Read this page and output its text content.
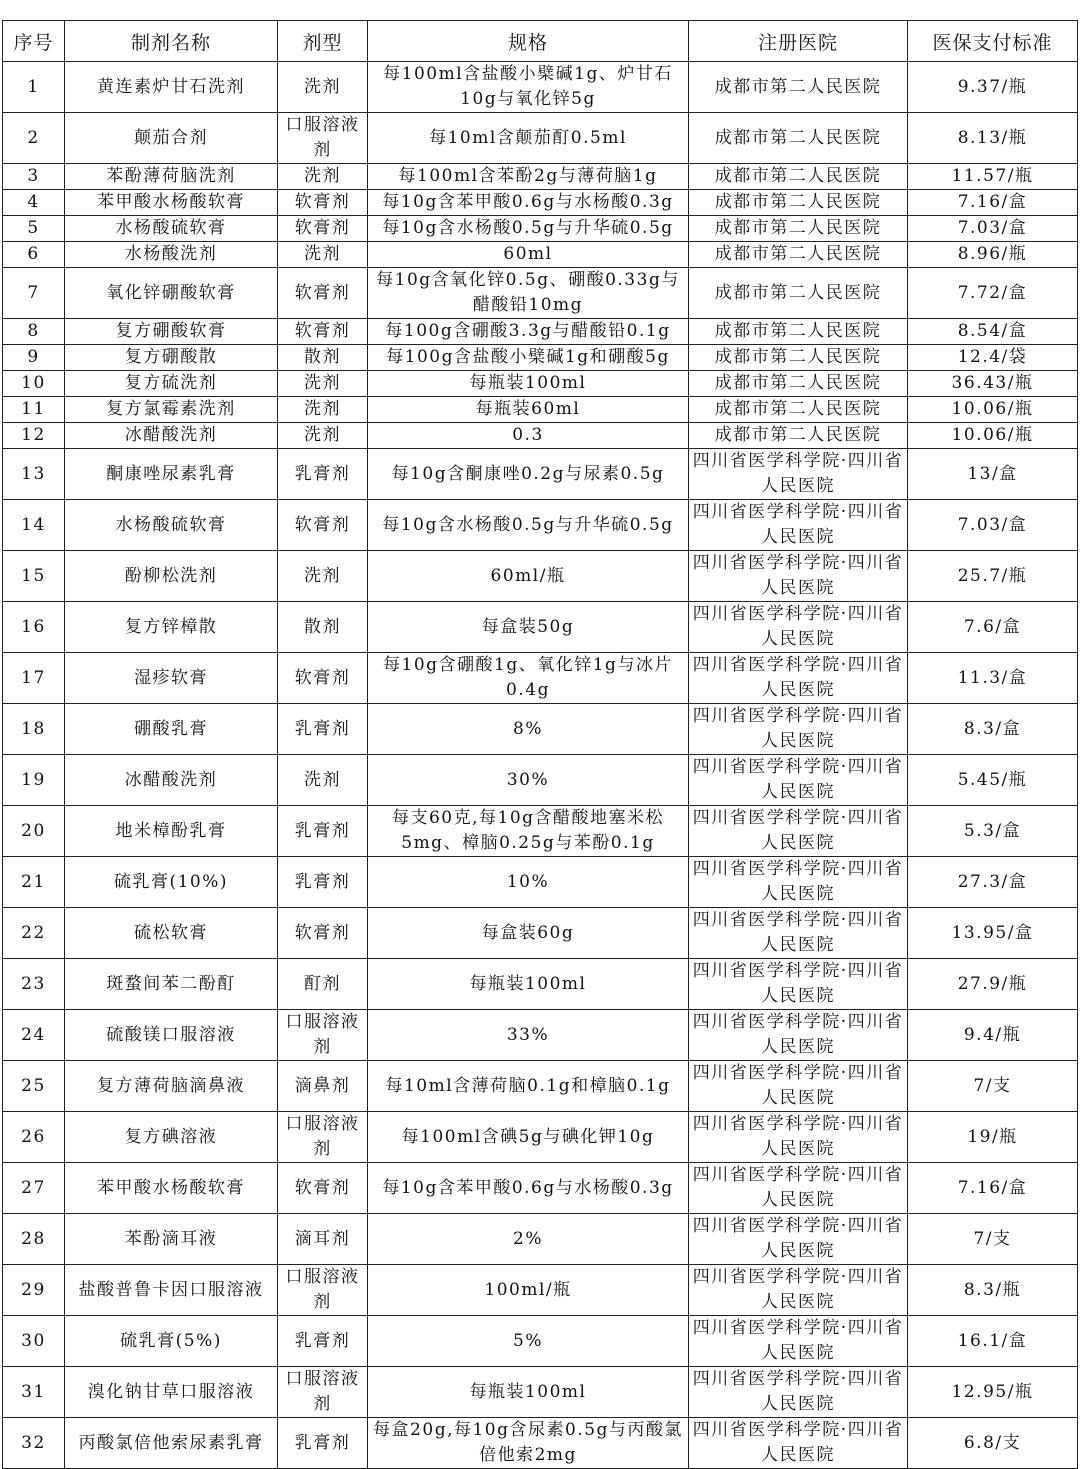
序号	制剂名称	剂型	规格	注册医院	医保支付标准
1	黄连素炉甘石洗剂	洗剂	每100ml含盐酸小檗碱1g、炉甘石10g与氧化锌5g	成都市第二人民医院	9.37/瓶
2	颠茄合剂	口服溶液剂	每10ml含颠茄酊0.5ml	成都市第二人民医院	8.13/瓶
3	苯酚薄荷脑洗剂	洗剂	每100ml含苯酚2g与薄荷脑1g	成都市第二人民医院	11.57/瓶
4	苯甲酸水杨酸软膏	软膏剂	每10g含苯甲酸0.6g与水杨酸0.3g	成都市第二人民医院	7.16/盒
5	水杨酸硫软膏	软膏剂	每10g含水杨酸0.5g与升华硫0.5g	成都市第二人民医院	7.03/盒
6	水杨酸洗剂	洗剂	60ml	成都市第二人民医院	8.96/瓶
7	氧化锌硼酸软膏	软膏剂	每10g含氧化锌0.5g、硼酸0.33g与醋酸铅10mg	成都市第二人民医院	7.72/盒
8	复方硼酸软膏	软膏剂	每100g含硼酸3.3g与醋酸铅0.1g	成都市第二人民医院	8.54/盒
9	复方硼酸散	散剂	每100g含盐酸小檗碱1g和硼酸5g	成都市第二人民医院	12.4/袋
10	复方硫洗剂	洗剂	每瓶装100ml	成都市第二人民医院	36.43/瓶
11	复方氯霉素洗剂	洗剂	每瓶装60ml	成都市第二人民医院	10.06/瓶
12	冰醋酸洗剂	洗剂	0.3	成都市第二人民医院	10.06/瓶
13	酮康唑尿素乳膏	乳膏剂	每10g含酮康唑0.2g与尿素0.5g	四川省医学科学院·四川省人民医院	13/盒
14	水杨酸硫软膏	软膏剂	每10g含水杨酸0.5g与升华硫0.5g	四川省医学科学院·四川省人民医院	7.03/盒
15	酚柳松洗剂	洗剂	60ml/瓶	四川省医学科学院·四川省人民医院	25.7/瓶
16	复方锌樟散	散剂	每盒装50g	四川省医学科学院·四川省人民医院	7.6/盒
17	湿疹软膏	软膏剂	每10g含硼酸1g、氧化锌1g与冰片0.4g	四川省医学科学院·四川省人民医院	11.3/盒
18	硼酸乳膏	乳膏剂	8%	四川省医学科学院·四川省人民医院	8.3/盒
19	冰醋酸洗剂	洗剂	30%	四川省医学科学院·四川省人民医院	5.45/瓶
20	地米樟酚乳膏	乳膏剂	每支60克,每10g含醋酸地塞米松5mg、樟脑0.25g与苯酚0.1g	四川省医学科学院·四川省人民医院	5.3/盒
21	硫乳膏(10%)	乳膏剂	10%	四川省医学科学院·四川省人民医院	27.3/盒
22	硫松软膏	软膏剂	每盒装60g	四川省医学科学院·四川省人民医院	13.95/盒
23	斑蝥间苯二酚酊	酊剂	每瓶装100ml	四川省医学科学院·四川省人民医院	27.9/瓶
24	硫酸镁口服溶液	口服溶液剂	33%	四川省医学科学院·四川省人民医院	9.4/瓶
25	复方薄荷脑滴鼻液	滴鼻剂	每10ml含薄荷脑0.1g和樟脑0.1g	四川省医学科学院·四川省人民医院	7/支
26	复方碘溶液	口服溶液剂	每100ml含碘5g与碘化钾10g	四川省医学科学院·四川省人民医院	19/瓶
27	苯甲酸水杨酸软膏	软膏剂	每10g含苯甲酸0.6g与水杨酸0.3g	四川省医学科学院·四川省人民医院	7.16/盒
28	苯酚滴耳液	滴耳剂	2%	四川省医学科学院·四川省人民医院	7/支
29	盐酸普鲁卡因口服溶液	口服溶液剂	100ml/瓶	四川省医学科学院·四川省人民医院	8.3/瓶
30	硫乳膏(5%)	乳膏剂	5%	四川省医学科学院·四川省人民医院	16.1/盒
31	溴化钠甘草口服溶液	口服溶液剂	每瓶装100ml	四川省医学科学院·四川省人民医院	12.95/瓶
32	丙酸氯倍他索尿素乳膏	乳膏剂	每盒20g,每10g含尿素0.5g与丙酸氯倍他索2mg	四川省医学科学院·四川省人民医院	6.8/支
